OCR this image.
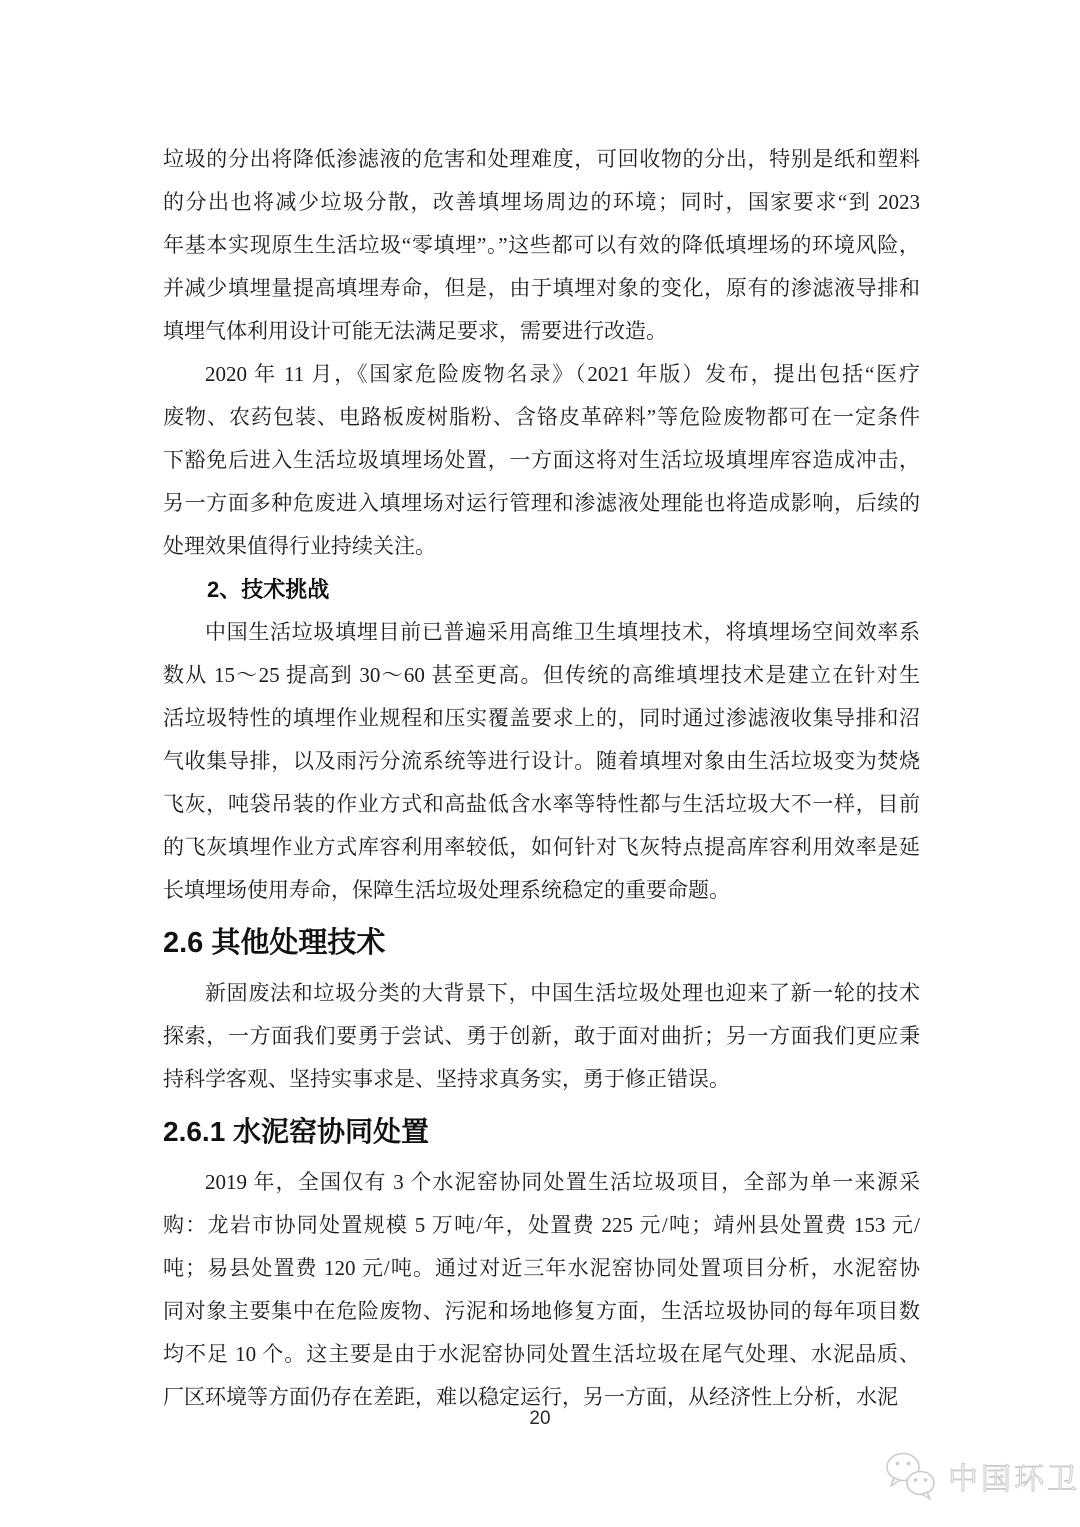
垃圾的分出将降低渗滤液的危害和处理难度，可回收物的分出，特别是纸和塑料
的分出也将减少垃圾分散，改善填埋场周边的环境；同时，国家要求“到 2023
年基本实现原生生活垃圾“零填埋”。”这些都可以有效的降低填埋场的环境风险，
并减少填埋量提高填埋寿命，但是，由于填埋对象的变化，原有的渗滤液导排和
填埋气体利用设计可能无法满足要求，需要进行改造。
2020 年 11 月，《国家危险废物名录》（2021 年版）发布，提出包括“医疗
废物、农药包装、电路板废树脂粉、含铬皮革碎料”等危险废物都可在一定条件
下豁免后进入生活垃圾填埋场处置，一方面这将对生活垃圾填埋库容造成冲击，
另一方面多种危废进入填埋场对运行管理和渗滤液处理能也将造成影响，后续的
处理效果值得行业持续关注。
2、技术挑战
中国生活垃圾填埋目前已普遍采用高维卫生填埋技术，将填埋场空间效率系
数从 15～25 提高到 30～60 甚至更高。但传统的高维填埋技术是建立在针对生
活垃圾特性的填埋作业规程和压实覆盖要求上的，同时通过渗滤液收集导排和沼
气收集导排，以及雨污分流系统等进行设计。随着填埋对象由生活垃圾变为焚烧
飞灰，吨袋吊装的作业方式和高盐低含水率等特性都与生活垃圾大不一样，目前
的飞灰填埋作业方式库容利用率较低，如何针对飞灰特点提高库容利用效率是延
长填埋场使用寿命，保障生活垃圾处理系统稳定的重要命题。
2.6 其他处理技术
新固废法和垃圾分类的大背景下，中国生活垃圾处理也迎来了新一轮的技术
探索，一方面我们要勇于尝试、勇于创新，敢于面对曲折；另一方面我们更应秉
持科学客观、坚持实事求是、坚持求真务实，勇于修正错误。
2.6.1 水泥窑协同处置
2019 年，全国仅有 3 个水泥窑协同处置生活垃圾项目，全部为单一来源采
购：龙岩市协同处置规模 5 万吨/年，处置费 225 元/吨；靖州县处置费 153 元/
吨；易县处置费 120 元/吨。通过对近三年水泥窑协同处置项目分析，水泥窑协
同对象主要集中在危险废物、污泥和场地修复方面，生活垃圾协同的每年项目数
均不足 10 个。这主要是由于水泥窑协同处置生活垃圾在尾气处理、水泥品质、
厂区环境等方面仍存在差距，难以稳定运行，另一方面，从经济性上分析，水泥
20
中国环卫
